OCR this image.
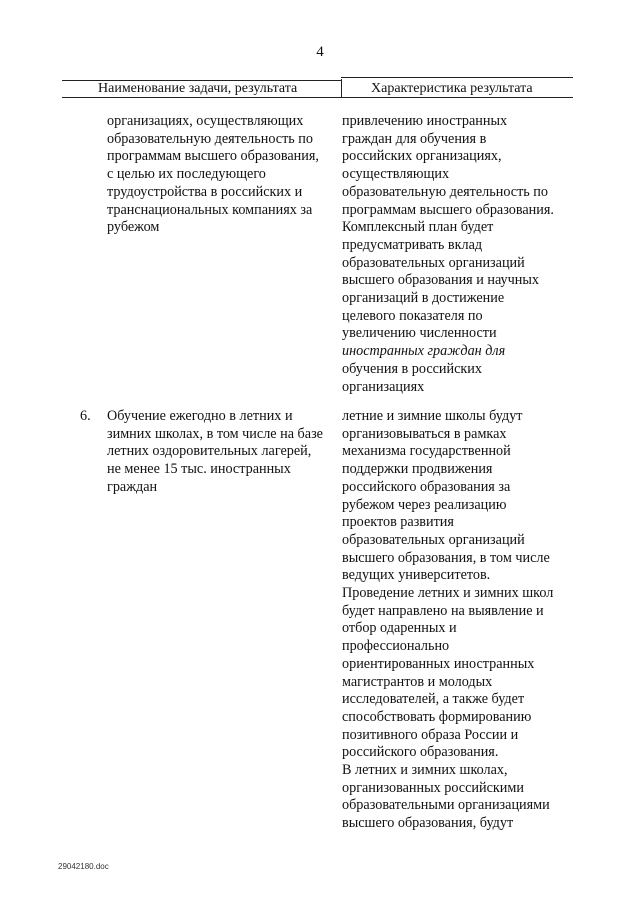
4
Наименование задачи, результата	Характеристика результата
организациях, осуществляющих
образовательную деятельность по
программам высшего образования,
с целью их последующего
трудоустройства в российских и
транснациональных компаниях за
рубежом
привлечению иностранных
граждан для обучения в
российских организациях,
осуществляющих
образовательную деятельность по
программам высшего образования.
Комплексный план будет
предусматривать вклад
образовательных организаций
высшего образования и научных
организаций в достижение
целевого показателя по
увеличению численности
иностранных граждан для
обучения в российских
организациях
6. Обучение ежегодно в летних и
зимних школах, в том числе на базе
летних оздоровительных лагерей,
не менее 15 тыс. иностранных
граждан
летние и зимние школы будут
организовываться в рамках
механизма государственной
поддержки продвижения
российского образования за
рубежом через реализацию
проектов развития
образовательных организаций
высшего образования, в том числе
ведущих университетов.
Проведение летних и зимних школ
будет направлено на выявление и
отбор одаренных и
профессионально
ориентированных иностранных
магистрантов и молодых
исследователей, а также будет
способствовать формированию
позитивного образа России и
российского образования.
В летних и зимних школах,
организованных российскими
образовательными организациями
высшего образования, будут
29042180.doc
